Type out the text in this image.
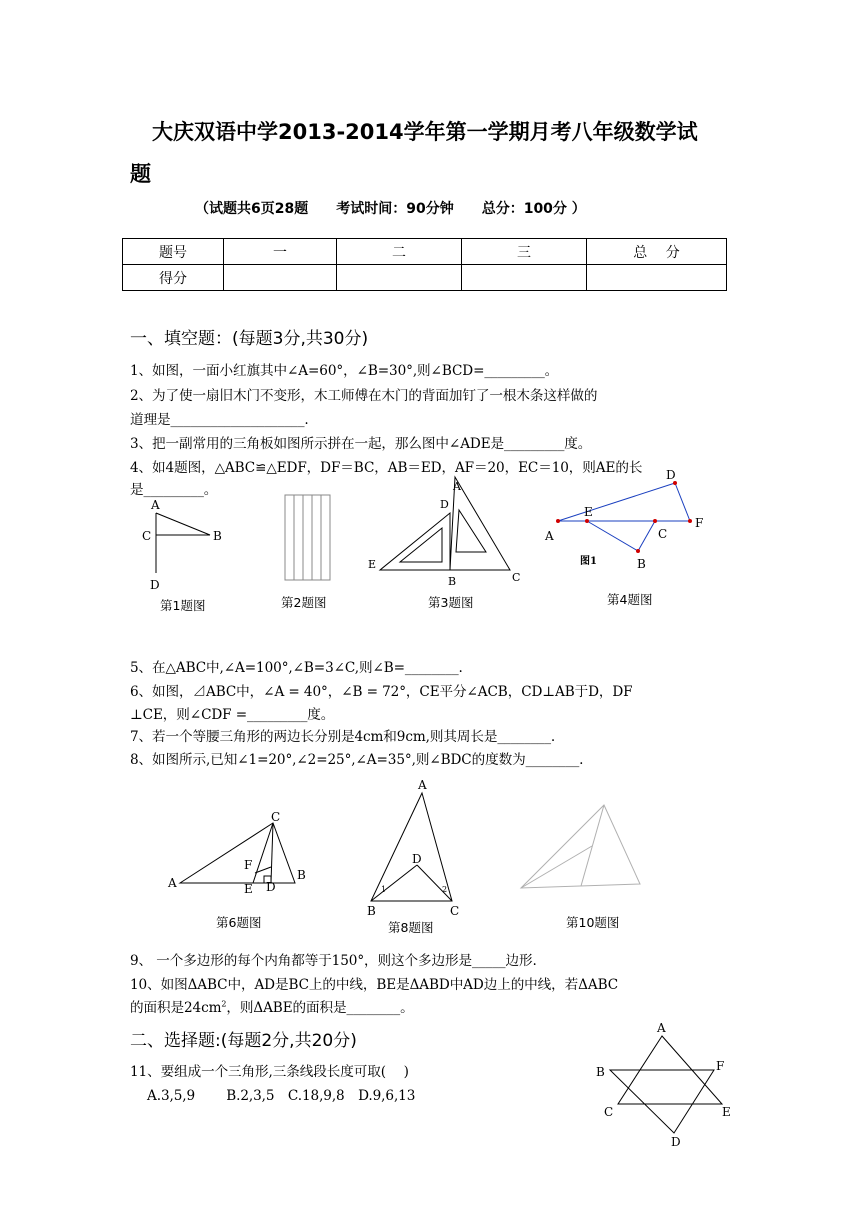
大庆双语中学2013-2014学年第一学期月考八年级数学试
题
（试题共6页28题　　考试时间：90分钟　　总分：100分 ）
题号	一	二	三	总　 分
得分				
一、填空题：(每题3分,共30分)
1、如图，一面小红旗其中∠A=60°，∠B=30°,则∠BCD=_________。
2、为了使一扇旧木门不变形，木工师傅在木门的背面加钉了一根木条这样做的
道理是____________________.
3、把一副常用的三角板如图所示拼在一起，那么图中∠ADE是_________度。
4、如4题图，△ABC≌△EDF，DF＝BC，AB＝ED，AF＝20，EC＝10，则AE的长
是_________。
A
C	B
D
A
D
E
B	C
D
E
F
A	C
B
图1
第1题图	第2题图	第3题图	第4题图
5、在△ABC中,∠A=100°,∠B=3∠C,则∠B=________.
6、如图，⊿ABC中，∠A = 40°，∠B = 72°，CE平分∠ACB，CD⊥AB于D，DF
⊥CE，则∠CDF =_________度。
7、若一个等腰三角形的两边长分别是4cm和9cm,则其周长是________.
8、如图所示,已知∠1=20°,∠2=25°,∠A=35°,则∠BDC的度数为________.
C
F
A	E D
B
A
D
1	2
B	C
第6题图	第8题图	第10题图
9、 一个多边形的每个内角都等于150°，则这个多边形是_____边形.
10、如图ΔABC中，AD是BC上的中线，BE是ΔABD中AD边上的中线，若ΔABC
的面积是$24cm^2$，则ΔABE的面积是________。
二、选择题:(每题2分,共20分)
11、要组成一个三角形,三条线段长度可取(　 )
A.3,5,9　　 B.2,3,5　C.18,9,8　D.9,6,13
A
B	F
C	E
D
